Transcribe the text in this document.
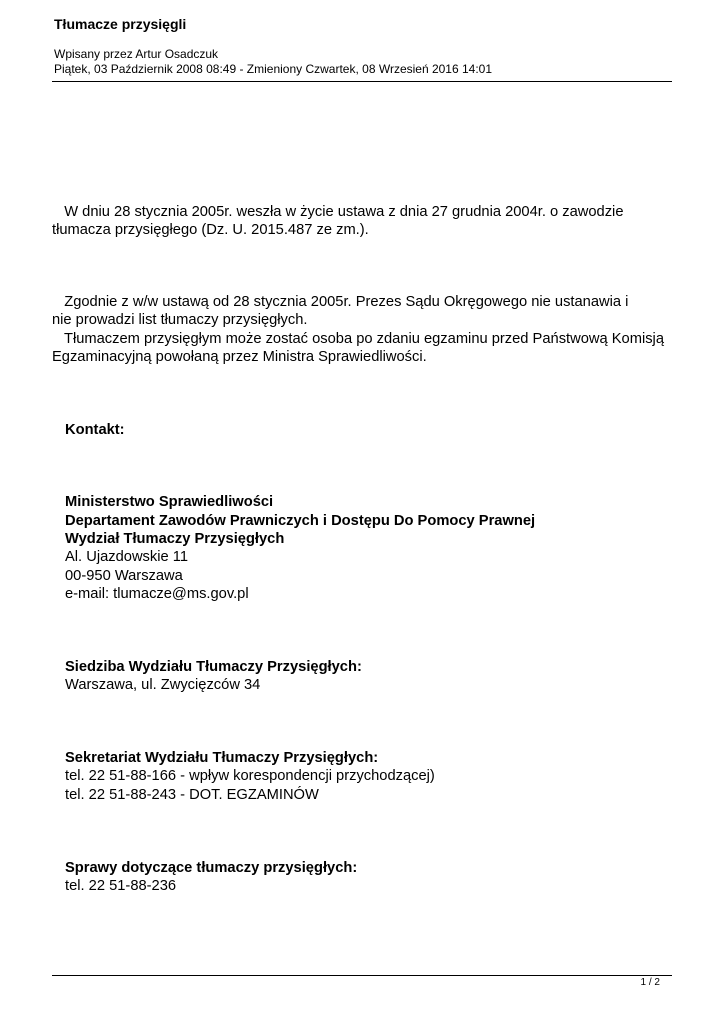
Tłumacze przysięgli

Wpisany przez Artur Osadczuk

Piątek, 03 Październik 2008 08:49 - Zmieniony Czwartek, 08 Wrzesień 2016 14:01

W dniu 28 stycznia 2005r. weszła w życie ustawa z dnia 27 grudnia 2004r. o zawodzie

tłumacza przysięgłego (Dz. U. 2015.487 ze zm.).

Zgodnie z w/w ustawą od 28 stycznia 2005r. Prezes Sądu Okręgowego nie ustanawia i

nie prowadzi list tłumaczy przysięgłych.

Tłumaczem przysięgłym może zostać osoba po zdaniu egzaminu przed Państwową Komisją

Egzaminacyjną powołaną przez Ministra Sprawiedliwości.

Kontakt:

Ministerstwo Sprawiedliwości

Departament Zawodów Prawniczych i Dostępu Do Pomocy Prawnej

Wydział Tłumaczy Przysięgłych

Al. Ujazdowskie 11

00-950 Warszawa

e-mail: tlumacze@ms.gov.pl

Siedziba Wydziału Tłumaczy Przysięgłych:

Warszawa, ul. Zwycięzców 34

Sekretariat Wydziału Tłumaczy Przysięgłych:

tel. 22 51-88-166 - wpływ korespondencji przychodzącej)

tel. 22 51-88-243 - DOT. EGZAMINÓW

Sprawy dotyczące tłumaczy przysięgłych:

tel. 22 51-88-236

1 / 2
